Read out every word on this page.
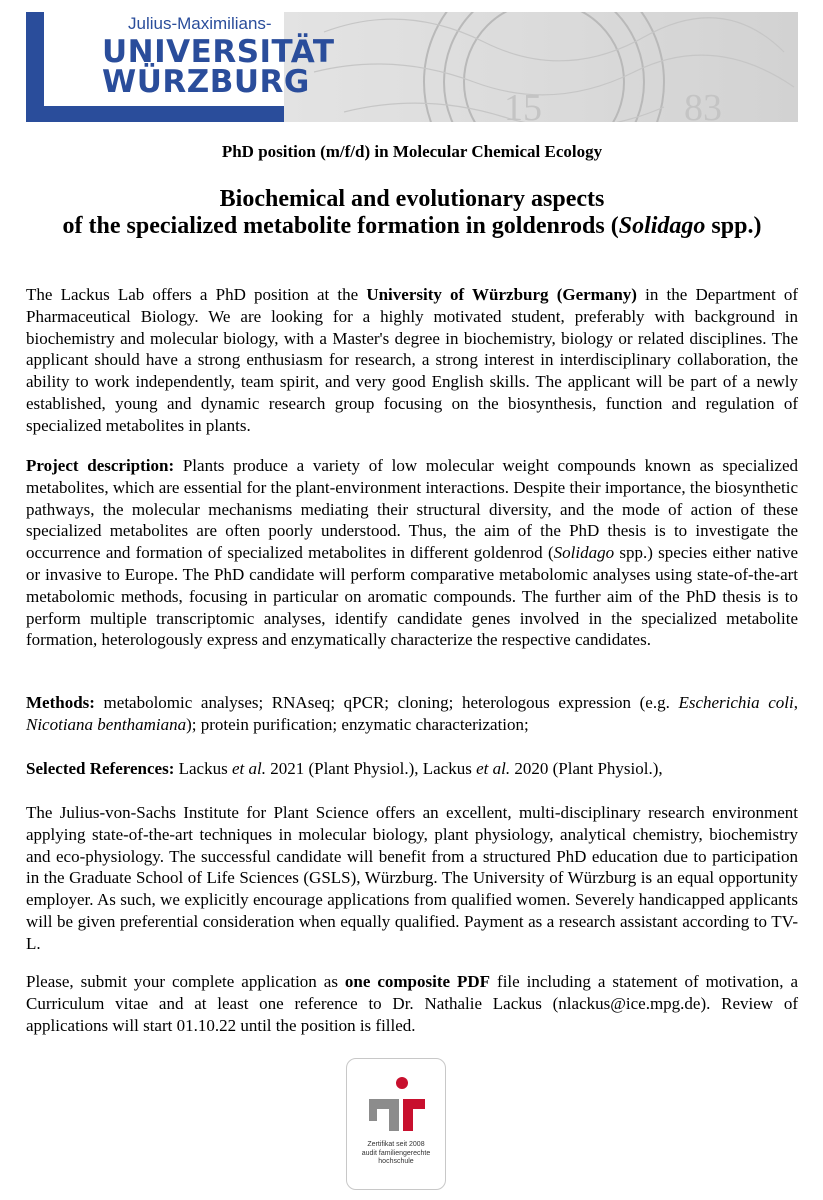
15	83
Julius-Maximilians-
UNIVERSITÄT
WÜRZBURG
PhD position (m/f/d) in Molecular Chemical Ecology
Biochemical and evolutionary aspects
of the specialized metabolite formation in goldenrods (Solidago spp.)

The Lackus Lab offers a PhD position at the University of Würzburg (Germany) in the Department of Pharmaceutical Biology. We are looking for a highly motivated student, preferably with background in biochemistry and molecular biology, with a Master's degree in biochemistry, biology or related disciplines. The applicant should have a strong enthusiasm for research, a strong interest in interdisciplinary collaboration, the ability to work independently, team spirit, and very good English skills. The applicant will be part of a newly established, young and dynamic research group focusing on the biosynthesis, function and regulation of specialized metabolites in plants.

Project description: Plants produce a variety of low molecular weight compounds known as specialized metabolites, which are essential for the plant-environment interactions. Despite their importance, the biosynthetic pathways, the molecular mechanisms mediating their structural diversity, and the mode of action of these specialized metabolites are often poorly understood. Thus, the aim of the PhD thesis is to investigate the occurrence and formation of specialized metabolites in different goldenrod (Solidago spp.) species either native or invasive to Europe. The PhD candidate will perform comparative metabolomic analyses using state-of-the-art metabolomic methods, focusing in particular on aromatic compounds. The further aim of the PhD thesis is to perform multiple transcriptomic analyses, identify candidate genes involved in the specialized metabolite formation, heterologously express and enzymatically characterize the respective candidates.

Methods: metabolomic analyses; RNAseq; qPCR; cloning; heterologous expression (e.g. Escherichia coli, Nicotiana benthamiana); protein purification; enzymatic characterization;

Selected References: Lackus et al. 2021 (Plant Physiol.), Lackus et al. 2020 (Plant Physiol.),

The Julius-von-Sachs Institute for Plant Science offers an excellent, multi-disciplinary research environment applying state-of-the-art techniques in molecular biology, plant physiology, analytical chemistry, biochemistry and eco-physiology. The successful candidate will benefit from a structured PhD education due to participation in the Graduate School of Life Sciences (GSLS), Würzburg. The University of Würzburg is an equal opportunity employer. As such, we explicitly encourage applications from qualified women. Severely handicapped applicants will be given preferential consideration when equally qualified. Payment as a research assistant according to TV-L.

Please, submit your complete application as one composite PDF file including a statement of motivation, a Curriculum vitae and at least one reference to Dr. Nathalie Lackus (nlackus@ice.mpg.de). Review of applications will start 01.10.22 until the position is filled.

Zertifikat seit 2008
audit familiengerechte
hochschule
